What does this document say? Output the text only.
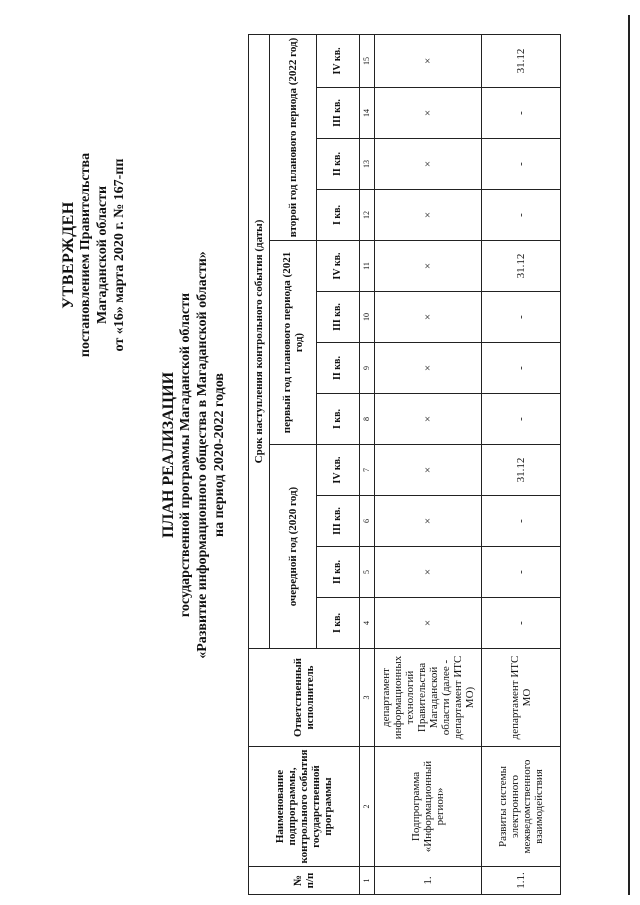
УТВЕРЖДЕН постановлением Правительства Магаданской области от «16» марта 2020 г. № 167-пп
ПЛАН РЕАЛИЗАЦИИ государственной программы Магаданской области «Развитие информационного общества в Магаданской области» на период 2020-2022 годов
№ п/п	Наименование подпрограммы, контрольного события государственной программы	Ответственный исполнитель	Срок наступления контрольного события (даты)											
			очередной год (2020 год)				первый год планового периода (2021 год)				второй год планового периода (2022 год)			
			I кв.	II кв.	III кв.	IV кв.	I кв.	II кв.	III кв.	IV кв.	I кв.	II кв.	III кв.	IV кв.
1	2	3	4	5	6	7	8	9	10	11	12	13	14	15
1.	Подпрограмма «Информационный регион»	департамент информационных технологий Правительства Магаданской области (далее - департамент ИТС МО)	×	×	×	×	×	×	×	×	×	×	×	×
1.1.	Развиты системы электронного межведомственного взаимодействия	департамент ИТС МО	-	-	-	31.12	-	-	-	31.12	-	-	-	31.12
